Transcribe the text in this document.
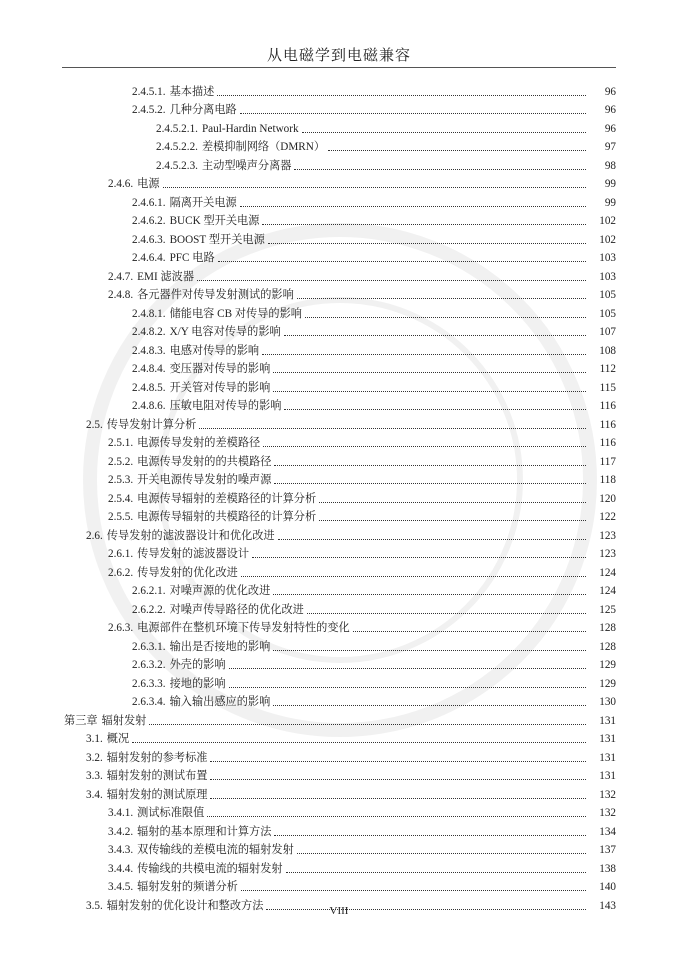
从电磁学到电磁兼容
2.4.5.1. 基本描述	96
2.4.5.2. 几种分离电路	96
2.4.5.2.1. Paul-Hardin Network	96
2.4.5.2.2. 差模抑制网络（DMRN）	97
2.4.5.2.3. 主动型噪声分离器	98
2.4.6. 电源	99
2.4.6.1. 隔离开关电源	99
2.4.6.2. BUCK 型开关电源	102
2.4.6.3. BOOST 型开关电源	102
2.4.6.4. PFC 电路	103
2.4.7. EMI 滤波器	103
2.4.8. 各元器件对传导发射测试的影响	105
2.4.8.1. 储能电容 CB 对传导的影响	105
2.4.8.2. X/Y 电容对传导的影响	107
2.4.8.3. 电感对传导的影响	108
2.4.8.4. 变压器对传导的影响	112
2.4.8.5. 开关管对传导的影响	115
2.4.8.6. 压敏电阻对传导的影响	116
2.5. 传导发射计算分析	116
2.5.1. 电源传导发射的差模路径	116
2.5.2. 电源传导发射的的共模路径	117
2.5.3. 开关电源传导发射的噪声源	118
2.5.4. 电源传导辐射的差模路径的计算分析	120
2.5.5. 电源传导辐射的共模路径的计算分析	122
2.6. 传导发射的滤波器设计和优化改进	123
2.6.1. 传导发射的滤波器设计	123
2.6.2. 传导发射的优化改进	124
2.6.2.1. 对噪声源的优化改进	124
2.6.2.2. 对噪声传导路径的优化改进	125
2.6.3. 电源部件在整机环境下传导发射特性的变化	128
2.6.3.1. 输出是否接地的影响	128
2.6.3.2. 外壳的影响	129
2.6.3.3. 接地的影响	129
2.6.3.4. 输入输出感应的影响	130
第三章 辐射发射	131
3.1. 概况	131
3.2. 辐射发射的参考标准	131
3.3. 辐射发射的测试布置	131
3.4. 辐射发射的测试原理	132
3.4.1. 测试标准限值	132
3.4.2. 辐射的基本原理和计算方法	134
3.4.3. 双传输线的差模电流的辐射发射	137
3.4.4. 传输线的共模电流的辐射发射	138
3.4.5. 辐射发射的频谱分析	140
3.5. 辐射发射的优化设计和整改方法	143
VIII
